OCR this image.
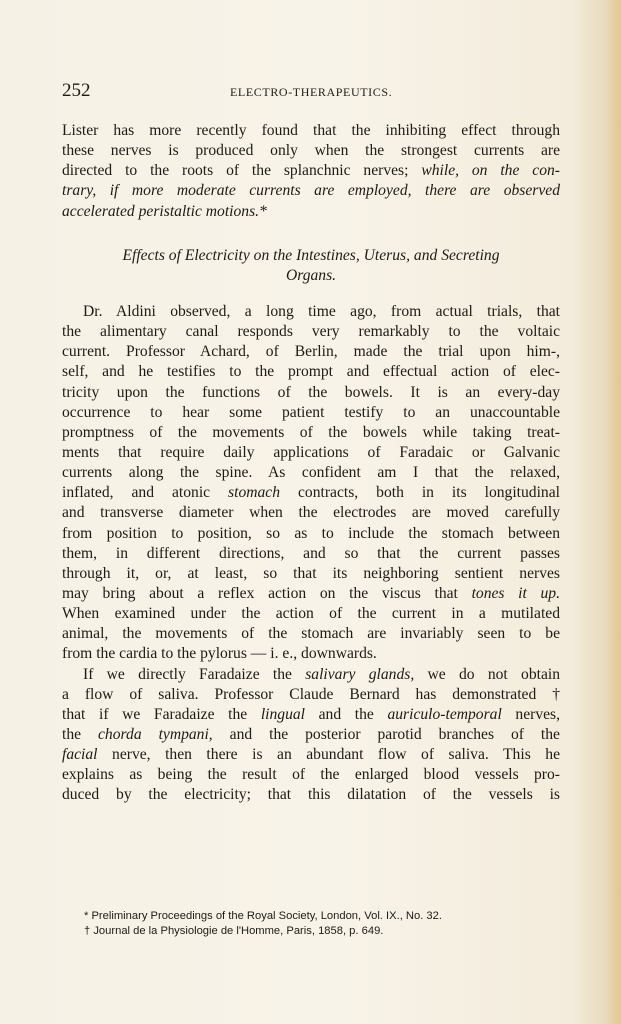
252	ELECTRO-THERAPEUTICS.
Lister has more recently found that the inhibiting effect through
these nerves is produced only when the strongest currents are
directed to the roots of the splanchnic nerves; while, on the con-
trary, if more moderate currents are employed, there are observed
accelerated peristaltic motions.*
Effects of Electricity on the Intestines, Uterus, and Secreting
Organs.
Dr. Aldini observed, a long time ago, from actual trials, that
the alimentary canal responds very remarkably to the voltaic
current. Professor Achard, of Berlin, made the trial upon him-,
self, and he testifies to the prompt and effectual action of elec-
tricity upon the functions of the bowels. It is an every-day
occurrence to hear some patient testify to an unaccountable
promptness of the movements of the bowels while taking treat-
ments that require daily applications of Faradaic or Galvanic
currents along the spine. As confident am I that the relaxed,
inflated, and atonic stomach contracts, both in its longitudinal
and transverse diameter when the electrodes are moved carefully
from position to position, so as to include the stomach between
them, in different directions, and so that the current passes
through it, or, at least, so that its neighboring sentient nerves
may bring about a reflex action on the viscus that tones it up.
When examined under the action of the current in a mutilated
animal, the movements of the stomach are invariably seen to be
from the cardia to the pylorus — i. e., downwards.
If we directly Faradaize the salivary glands, we do not obtain
a flow of saliva. Professor Claude Bernard has demonstrated †
that if we Faradaize the lingual and the auriculo-temporal nerves,
the chorda tympani, and the posterior parotid branches of the
facial nerve, then there is an abundant flow of saliva. This he
explains as being the result of the enlarged blood vessels pro-
duced by the electricity; that this dilatation of the vessels is
* Preliminary Proceedings of the Royal Society, London, Vol. IX., No. 32.
† Journal de la Physiologie de l'Homme, Paris, 1858, p. 649.
